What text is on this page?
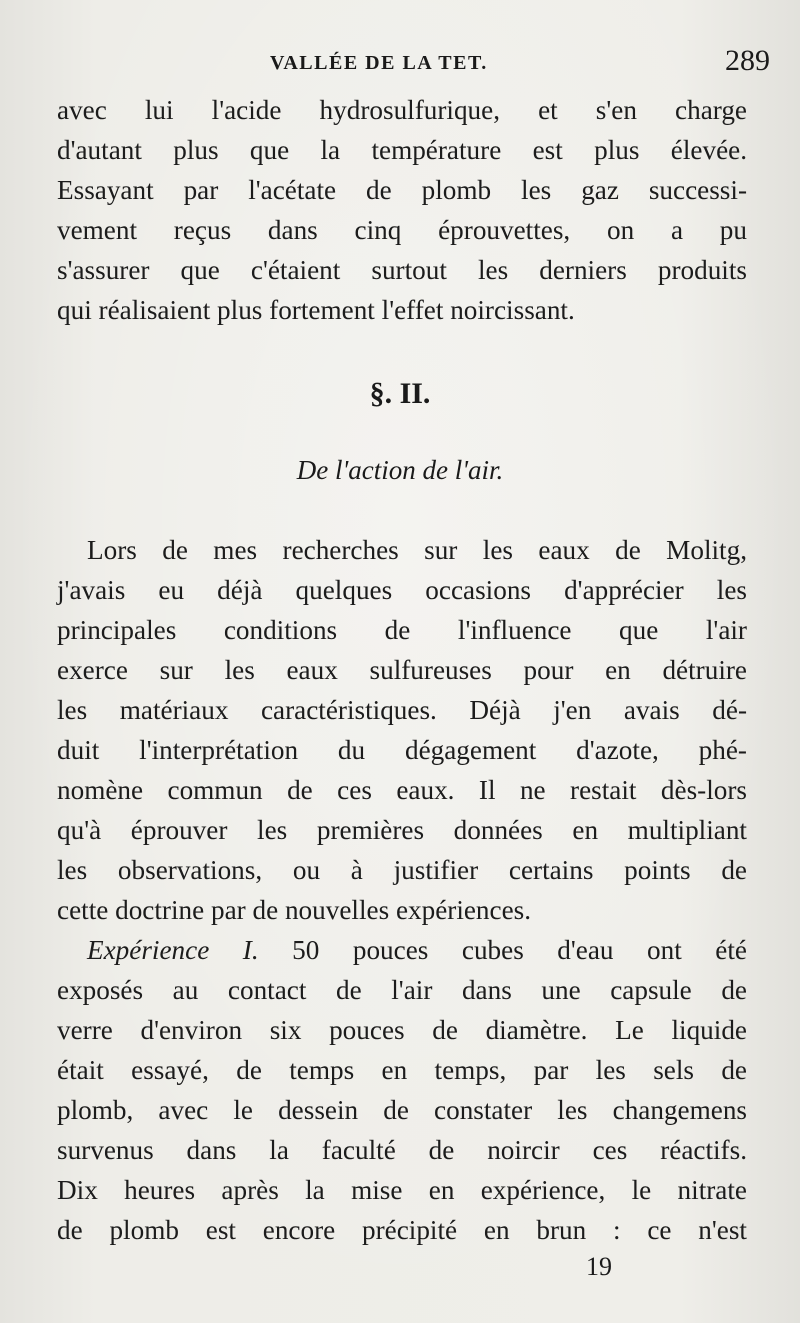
VALLÉE DE LA TET.	289
avec lui l'acide hydrosulfurique, et s'en charge
d'autant plus que la température est plus élevée.
Essayant par l'acétate de plomb les gaz successi-
vement reçus dans cinq éprouvettes, on a pu
s'assurer que c'étaient surtout les derniers produits
qui réalisaient plus fortement l'effet noircissant.
§. II.
De l'action de l'air.
Lors de mes recherches sur les eaux de Molitg,
j'avais eu déjà quelques occasions d'apprécier les
principales conditions de l'influence que l'air
exerce sur les eaux sulfureuses pour en détruire
les matériaux caractéristiques. Déjà j'en avais dé-
duit l'interprétation du dégagement d'azote, phé-
nomène commun de ces eaux. Il ne restait dès-lors
qu'à éprouver les premières données en multipliant
les observations, ou à justifier certains points de
cette doctrine par de nouvelles expériences.
Expérience I. 50 pouces cubes d'eau ont été
exposés au contact de l'air dans une capsule de
verre d'environ six pouces de diamètre. Le liquide
était essayé, de temps en temps, par les sels de
plomb, avec le dessein de constater les changemens
survenus dans la faculté de noircir ces réactifs.
Dix heures après la mise en expérience, le nitrate
de plomb est encore précipité en brun : ce n'est
19
